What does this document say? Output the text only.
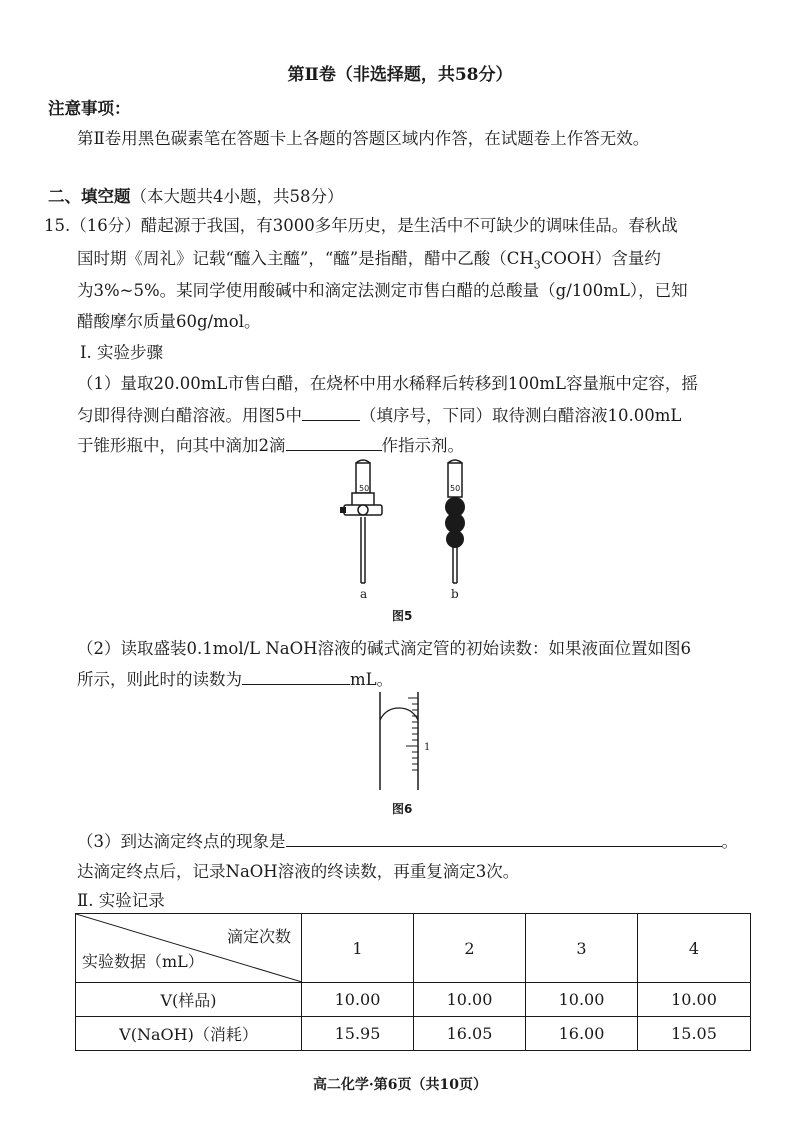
第Ⅱ卷（非选择题，共58分）
注意事项：
第Ⅱ卷用黑色碳素笔在答题卡上各题的答题区域内作答，在试题卷上作答无效。
二、填空题（本大题共4小题，共58分）
15.（16分）醋起源于我国，有3000多年历史，是生活中不可缺少的调味佳品。春秋战
国时期《周礼》记载“醯入主醯”，“醯”是指醋，醋中乙酸$(CH_3COOH)$含量约
为3%~5%。某同学使用酸碱中和滴定法测定市售白醋的总酸量（g/100mL），已知
醋酸摩尔质量60g/mol。
Ⅰ. 实验步骤
（1）量取20.00mL市售白醋，在烧杯中用水稀释后转移到100mL容量瓶中定容，摇
匀即得待测白醋溶液。用图5中	（填序号，下同）取待测白醋溶液10.00mL
于锥形瓶中，向其中滴加2滴	作指示剂。
50
a
50
b
图5
（2）读取盛装0.1mol/L NaOH溶液的碱式滴定管的初始读数：如果液面位置如图6
所示，则此时的读数为	mL。
1
图6
（3）到达滴定终点的现象是	。
达滴定终点后，记录NaOH溶液的终读数，再重复滴定3次。
Ⅱ. 实验记录
滴定次数
实验数据（mL）	1	2	3	4
V(样品)	10.00	10.00	10.00	10.00
V(NaOH)（消耗）	15.95	16.05	16.00	15.05
高二化学·第6页（共10页）
